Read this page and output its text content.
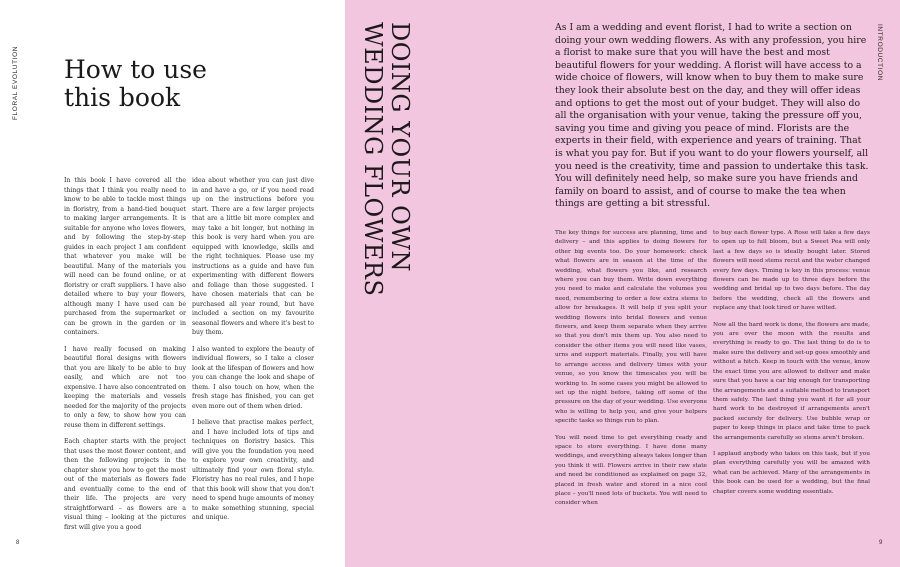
FLORAL EVOLUTION How to use
this book

In this book I have covered all the things that I think you really need to know to be able to tackle most things in floristry, from a hand-tied bouquet to making larger arrangements. It is suitable for anyone who loves flowers, and by following the step-by-step guides in each project I am confident that whatever you make will be beautiful. Many of the materials you will need can be found online, or at floristry or craft suppliers. I have also detailed where to buy your flowers, although many I have used can be purchased from the supermarket or can be grown in the garden or in containers.

I have really focused on making beautiful floral designs with flowers that you are likely to be able to buy easily, and which are not too expensive. I have also concentrated on keeping the materials and vessels needed for the majority of the projects to only a few, to show how you can reuse them in different settings.

Each chapter starts with the project that uses the most flower content, and then the following projects in the chapter show you how to get the most out of the materials as flowers fade and eventually come to the end of their life. The projects are very straightforward – as flowers are a visual thing – looking at the pictures first will give you a good

idea about whether you can just dive in and have a go, or if you need read up on the instructions before you start. There are a few larger projects that are a little bit more complex and may take a bit longer, but nothing in this book is very hard when you are equipped with knowledge, skills and the right techniques. Please use my instructions as a guide and have fun experimenting with different flowers and foliage than those suggested. I have chosen materials that can be purchased all year round, but have included a section on my favourite seasonal flowers and where it's best to buy them.

I also wanted to explore the beauty of individual flowers, so I take a closer look at the lifespan of flowers and how you can change the look and shape of them. I also touch on how, when the fresh stage has finished, you can get even more out of them when dried.

I believe that practise makes perfect, and I have included lots of tips and techniques on floristry basics. This will give you the foundation you need to explore your own creativity, and ultimately find your own floral style. Floristry has no real rules, and I hope that this book will show that you don't need to spend huge amounts of money to make something stunning, special and unique.

8
DOING YOUR OWN
WEDDING FLOWERS	As I am a wedding and event florist, I had to write a section on doing your own wedding flowers. As with any profession, you hire a florist to make sure that you will have the best and most beautiful flowers for your wedding. A florist will have access to a wide choice of flowers, will know when to buy them to make sure they look their absolute best on the day, and they will offer ideas and options to get the most out of your budget. They will also do all the organisation with your venue, taking the pressure off you, saving you time and giving you peace of mind. Florists are the experts in their field, with experience and years of training. That is what you pay for. But if you want to do your flowers yourself, all you need is the creativity, time and passion to undertake this task. You will definitely need help, so make sure you have friends and family on board to assist, and of course to make the tea when things are getting a bit stressful.

The key things for success are planning, time and delivery – and this applies to doing flowers for other big events too. Do your homework: check what flowers are in season at the time of the wedding, what flowers you like, and research where you can buy them. Write down everything you need to make and calculate the volumes you need, remembering to order a few extra stems to allow for breakages. It will help if you split your wedding flowers into bridal flowers and venue flowers, and keep them separate when they arrive so that you don't mix them up. You also need to consider the other items you will need like vases, urns and support materials. Finally, you will have to arrange access and delivery times with your venue, so you know the timescales you will be working to. In some cases you might be allowed to set up the night before, taking off some of the pressure on the day of your wedding. Use everyone who is willing to help you, and give your helpers specific tasks so things run to plan.

You will need time to get everything ready and space to store everything. I have done many weddings, and everything always takes longer than you think it will. Flowers arrive in their raw state and need be conditioned as explained on page 32, placed in fresh water and stored in a nice cool place – you'll need lots of buckets. You will need to consider when

to buy each flower type. A Rose will take a few days to open up to full bloom, but a Sweet Pea will only last a few days so is ideally bought later. Stored flowers will need stems recut and the water changed every few days. Timing is key in this process: venue flowers can be made up to three days before the wedding and bridal up to two days before. The day before the wedding, check all the flowers and replace any that look tired or have wilted.

Now all the hard work is done, the flowers are made, you are over the moon with the results and everything is ready to go. The last thing to do is to make sure the delivery and set-up goes smoothly and without a hitch. Keep in touch with the venue, know the exact time you are allowed to deliver and make sure that you have a car big enough for transporting the arrangements and a suitable method to transport them safely. The last thing you want it for all your hard work to be destroyed if arrangements aren't packed securely for delivery. Use bubble wrap or paper to keep things in place and take time to pack the arrangements carefully so stems aren't broken.

I applaud anybody who takes on this task, but if you plan everything carefully you will be amazed with what can be achieved. Many of the arrangements in this book can be used for a wedding, but the final chapter covers some wedding essentials.

INTRODUCTION
9
